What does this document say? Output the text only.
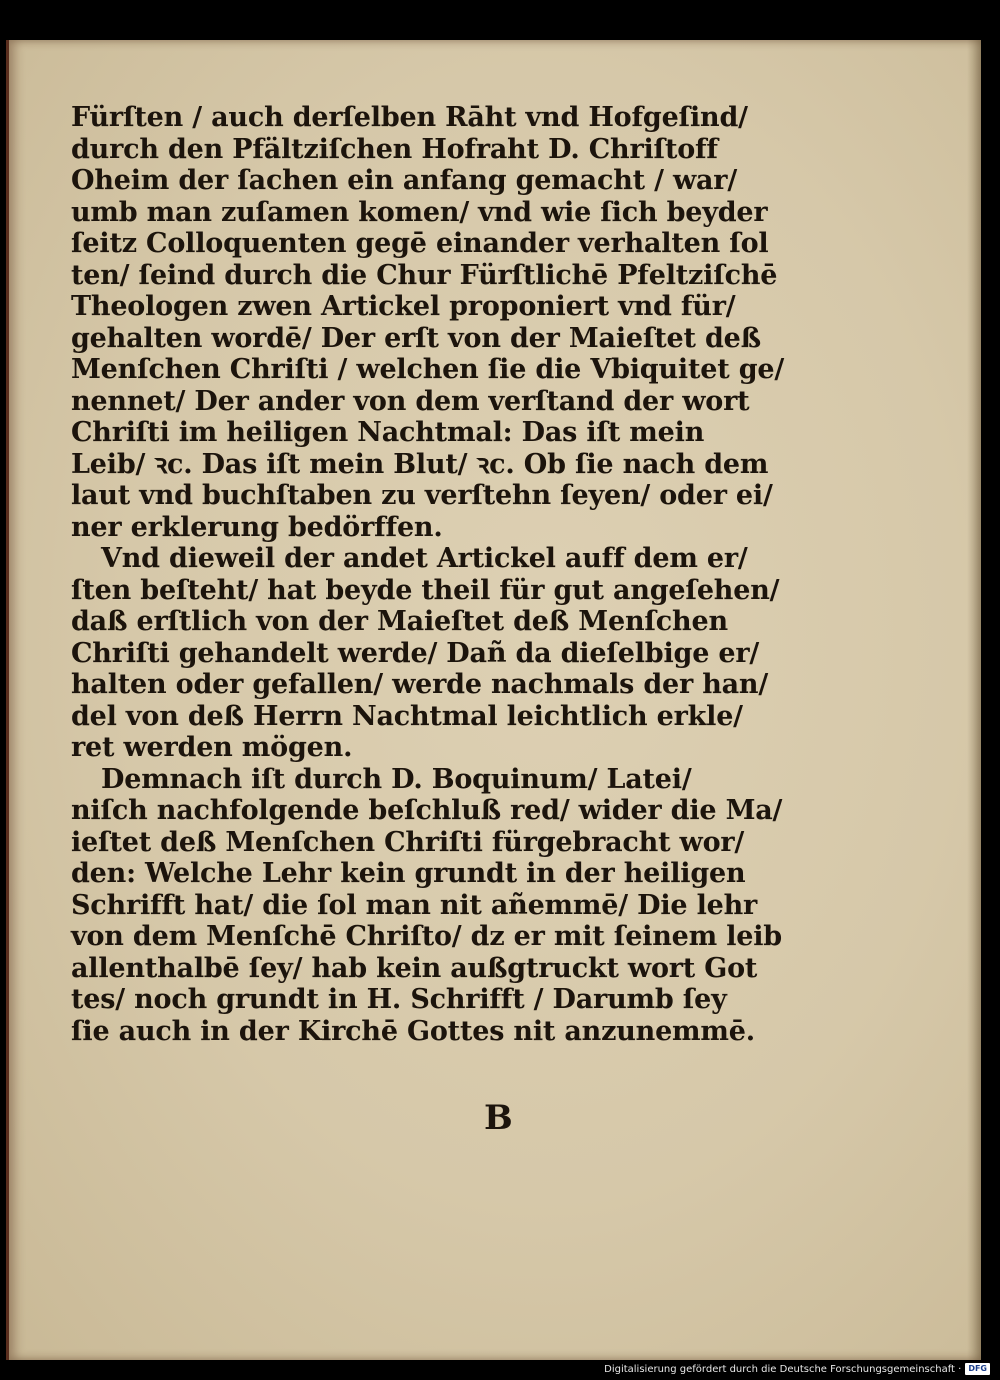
Fürſten / auch derſelben Rāht vnd Hofgeſind/
durch den Pfältziſchen Hofraht D. Chriſtoff
Oheim der ſachen ein anfang gemacht / war/
umb man zuſamen komen/ vnd wie ſich beyder
ſeitz Colloquenten gegē einander verhalten ſol
ten/ ſeind durch die Chur Fürſtlichē Pfeltziſchē
Theologen zwen Artickel proponiert vnd für/
gehalten wordē/ Der erſt von der Maieſtet deß
Menſchen Chriſti / welchen ſie die Vbiquitet ge/
nennet/ Der ander von dem verſtand der wort
Chriſti im heiligen Nachtmal: Das iſt mein
Leib/ ꝛc. Das iſt mein Blut/ ꝛc. Ob ſie nach dem
laut vnd buchſtaben zu verſtehn ſeyen/ oder ei/
ner erklerung bedörffen.
Vnd dieweil der andet Artickel auff dem er/
ſten beſteht/ hat beyde theil für gut angeſehen/
daß erſtlich von der Maieſtet deß Menſchen
Chriſti gehandelt werde/ Dañ da dieſelbige er/
halten oder gefallen/ werde nachmals der han/
del von deß Herrn Nachtmal leichtlich erkle/
ret werden mögen.
Demnach iſt durch D. Boquinum/ Latei/
niſch nachfolgende beſchluß red/ wider die Ma/
ieſtet deß Menſchen Chriſti fürgebracht wor/
den: Welche Lehr kein grundt in der heiligen
Schrifft hat/ die ſol man nit añemmē/ Die lehr
von dem Menſchē Chriſto/ dz er mit ſeinem leib
allenthalbē ſey/ hab kein außgtruckt wort Got
tes/ noch grundt in H. Schrifft / Darumb ſey
ſie auch in der Kirchē Gottes nit anzunemmē.
B
Digitalisierung gefördert durch die Deutsche Forschungsgemeinschaft · DFG
